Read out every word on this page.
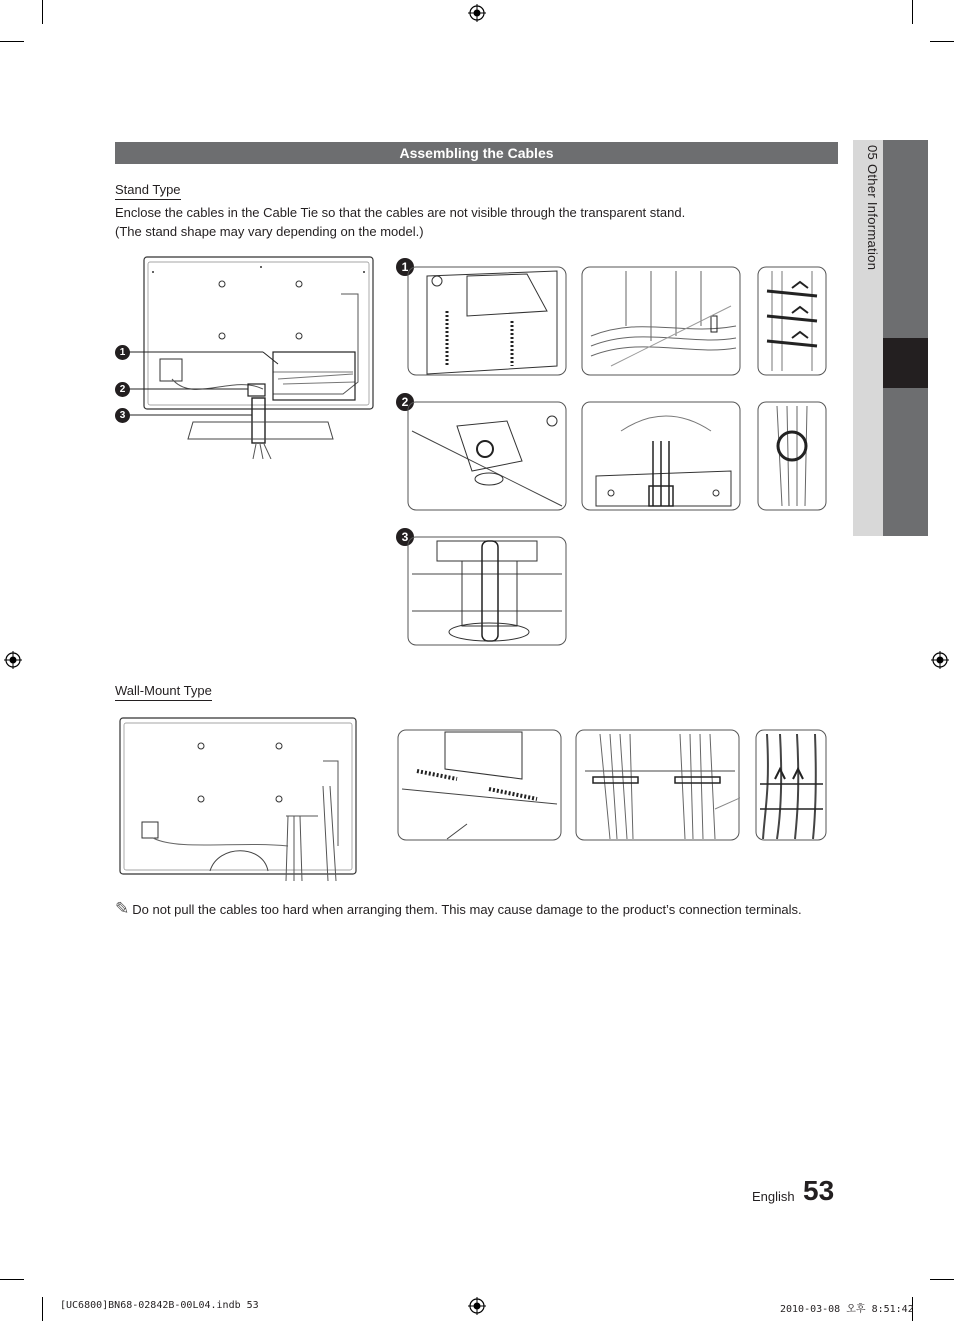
05 Other Information
Assembling the Cables
Stand Type
Enclose the cables in the Cable Tie so that the cables are not visible through the transparent stand.
(The stand shape may vary depending on the model.)
1
2
3
1
2
3
Wall-Mount Type
✎ Do not pull the cables too hard when arranging them. This may cause damage to the product’s connection terminals.
English 53
[UC6800]BN68-02842B-00L04.indb 53	2010-03-08 오후 8:51:42
